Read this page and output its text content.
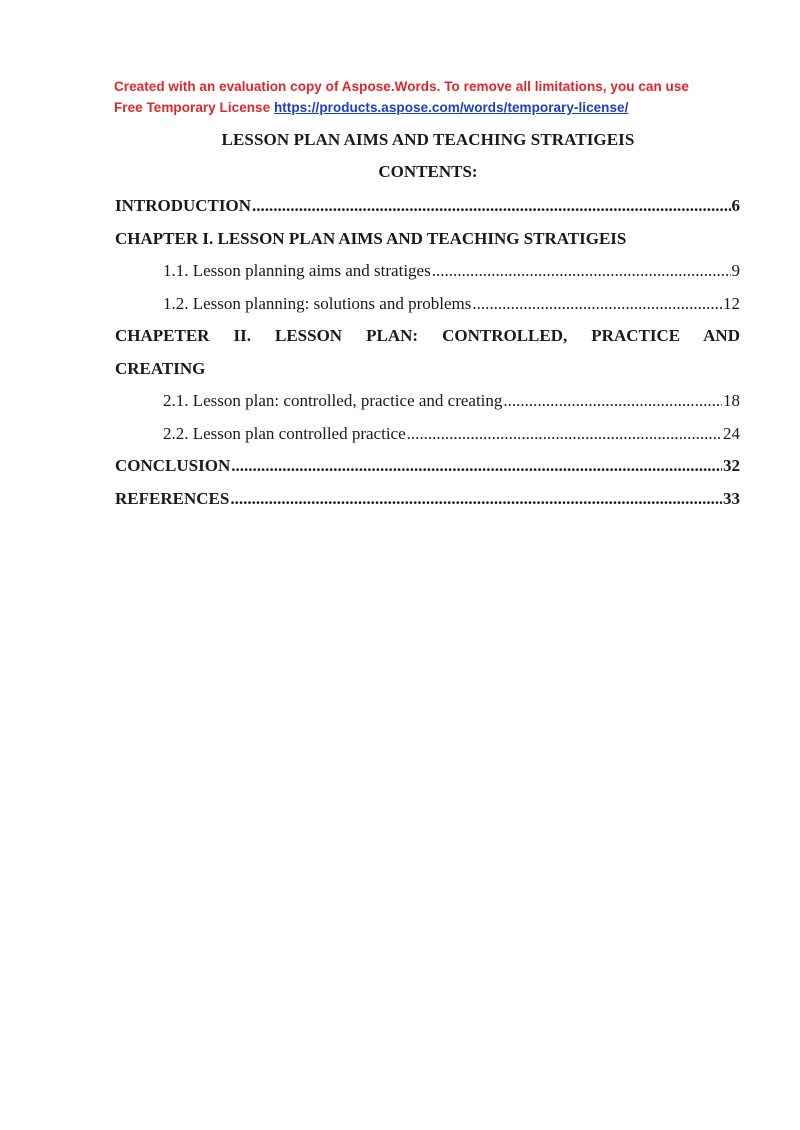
Created with an evaluation copy of Aspose.Words. To remove all limitations, you can use
Free Temporary License https://products.aspose.com/words/temporary-license/
LESSON PLAN AIMS AND TEACHING STRATIGEIS
CONTENTS:
INTRODUCTION .....	6
CHAPTER I. LESSON PLAN AIMS AND TEACHING STRATIGEIS
1.1. Lesson planning aims and stratiges .....	9
1.2. Lesson planning: solutions and problems .....	12
CHAPETER II. LESSON PLAN: CONTROLLED, PRACTICE AND
CREATING
2.1. Lesson plan: controlled, practice and creating .....	18
2.2. Lesson plan controlled practice .....	24
CONCLUSION .....	32
REFERENCES .....	33
